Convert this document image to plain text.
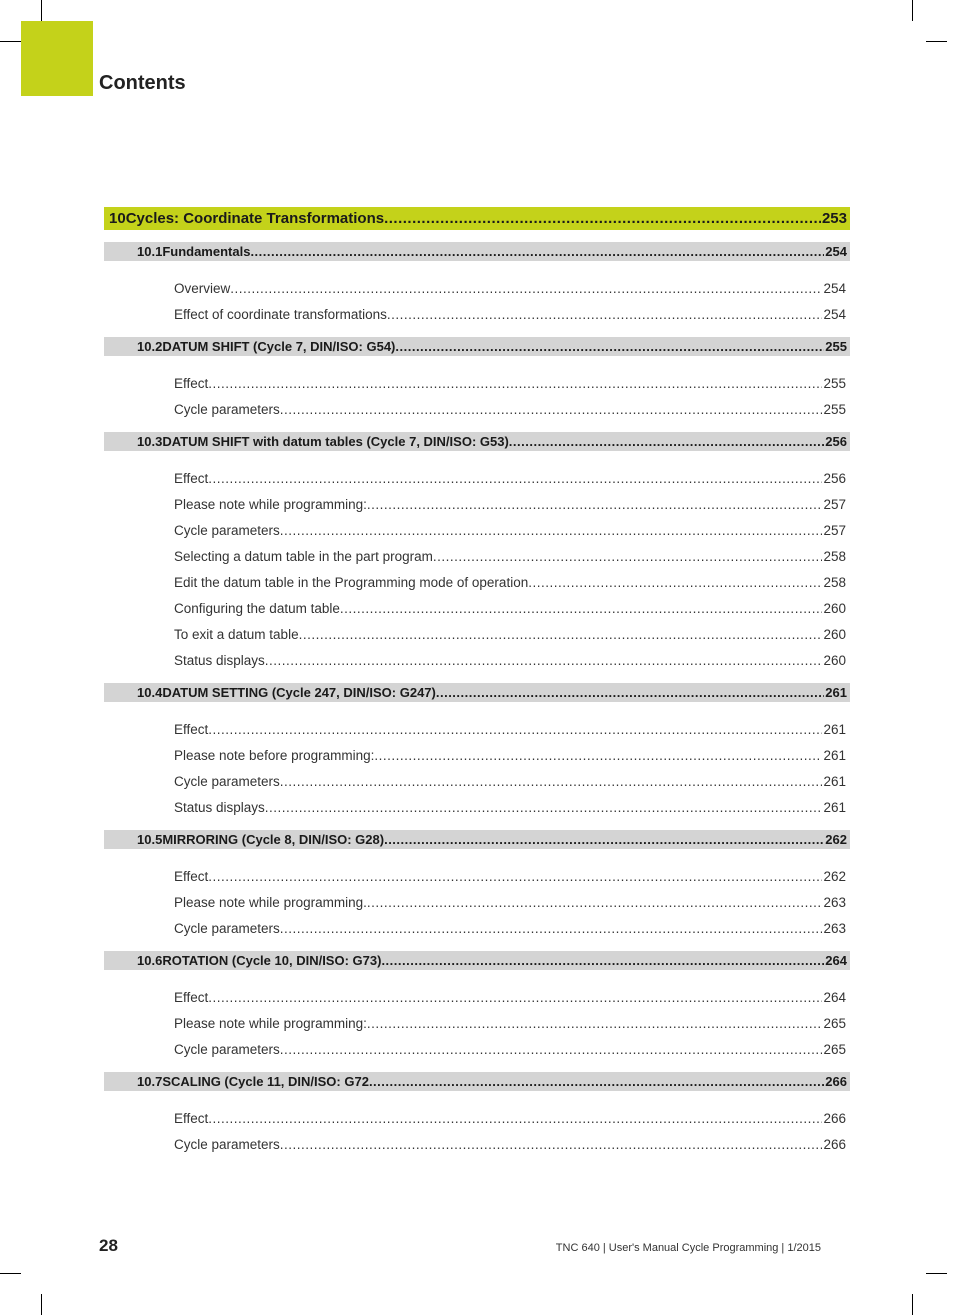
Contents
10 Cycles: Coordinate Transformations .....	253
10.1 Fundamentals .....	254
Overview .....	254
Effect of coordinate transformations .....	254
10.2 DATUM SHIFT (Cycle 7, DIN/ISO: G54) .....	255
Effect .....	255
Cycle parameters .....	255
10.3 DATUM SHIFT with datum tables (Cycle 7, DIN/ISO: G53) .....	256
Effect .....	256
Please note while programming: .....	257
Cycle parameters .....	257
Selecting a datum table in the part program .....	258
Edit the datum table in the Programming mode of operation .....	258
Configuring the datum table .....	260
To exit a datum table .....	260
Status displays .....	260
10.4 DATUM SETTING (Cycle 247, DIN/ISO: G247) .....	261
Effect .....	261
Please note before programming: .....	261
Cycle parameters .....	261
Status displays .....	261
10.5 MIRRORING (Cycle 8, DIN/ISO: G28) .....	262
Effect .....	262
Please note while programming. .....	263
Cycle parameters .....	263
10.6 ROTATION (Cycle 10, DIN/ISO: G73) .....	264
Effect .....	264
Please note while programming: .....	265
Cycle parameters .....	265
10.7 SCALING (Cycle 11, DIN/ISO: G72 .....	266
Effect .....	266
Cycle parameters .....	266
28	TNC 640 | User's Manual Cycle Programming | 1/2015
